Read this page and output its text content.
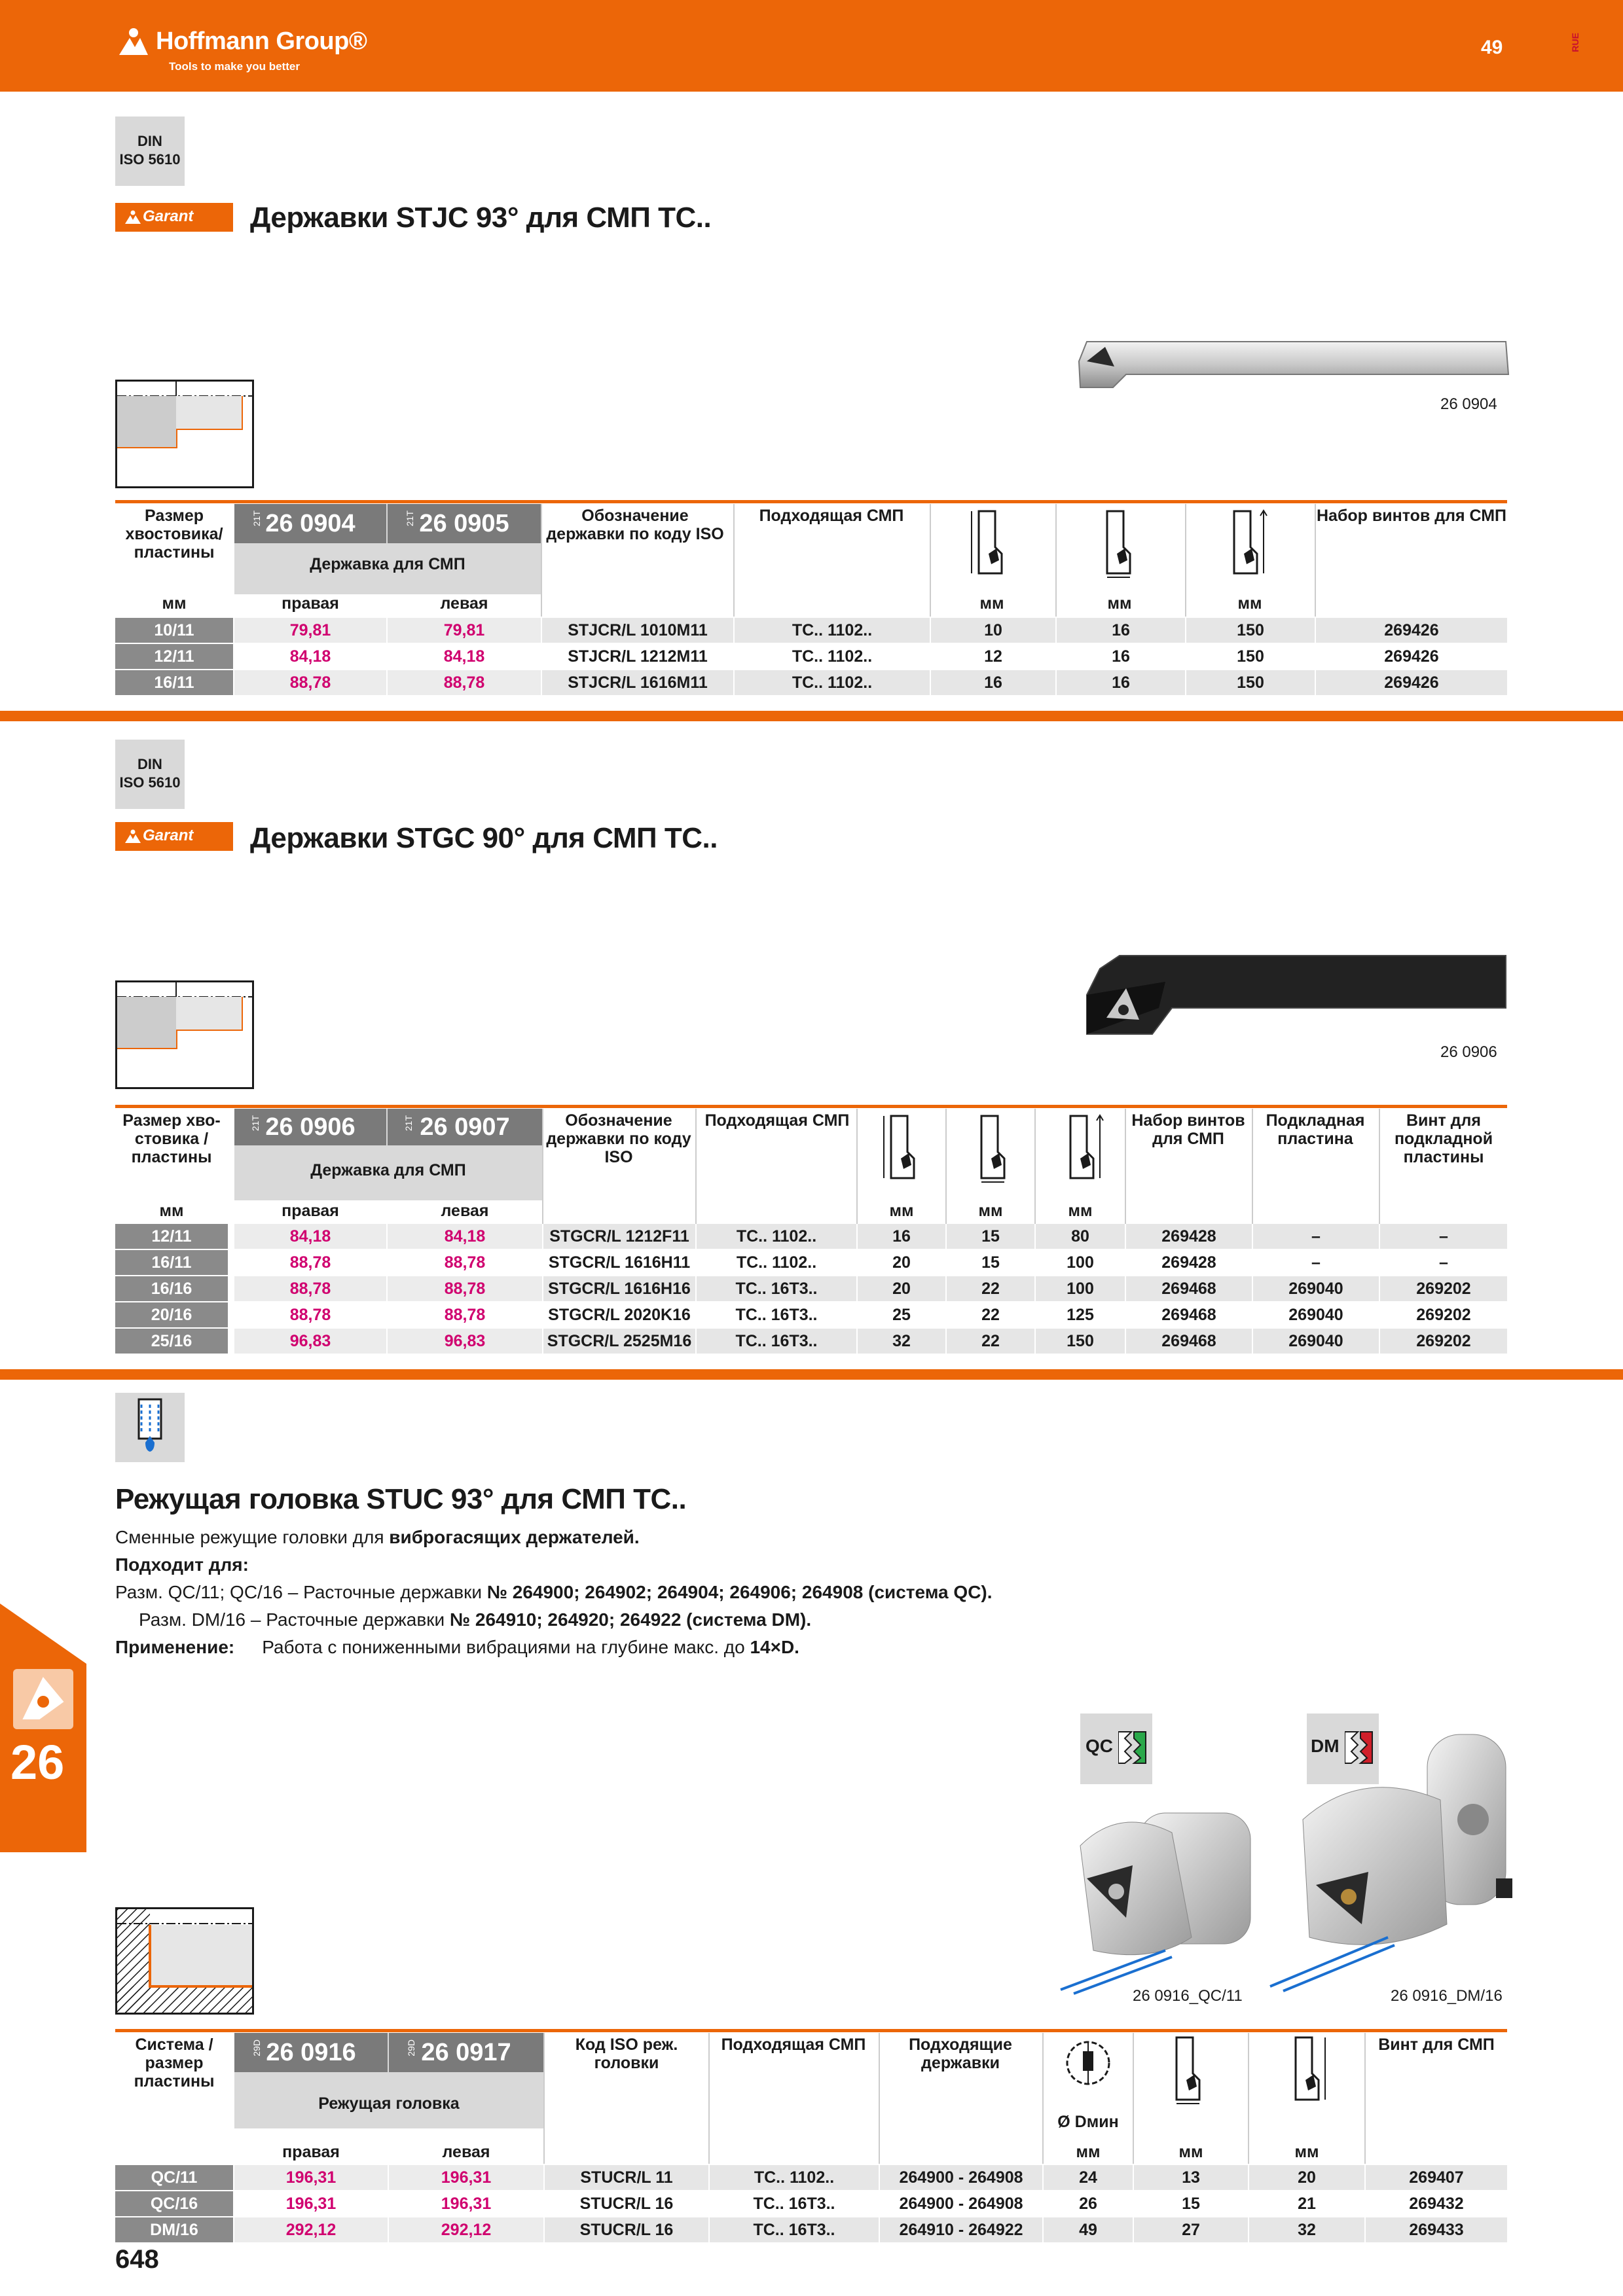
Hoffmann Group®
Tools to make you better
49	RUE
DIN
ISO 5610
Garant	Державки STJC 93° для СМП TC..
26 0904
Размер хвостовика/ пластины
21T 26 0904	21T 26 0905
Державка для СМП
Обозначение державки по коду ISO
Подходящая СМП	Набор винтов для СМП
мм	правая	левая	мм	мм	мм
10/11	79,81	79,81	STJCR/L 1010M11	TC.. 1102..	10	16	150	269426
12/11	84,18	84,18	STJCR/L 1212M11	TC.. 1102..	12	16	150	269426
16/11	88,78	88,78	STJCR/L 1616M11	TC.. 1102..	16	16	150	269426
DIN
ISO 5610
Garant	Державки STGC 90° для СМП TC..
26 0906
Размер хво- стовика / пластины
21T 26 0906	21T 26 0907
Державка для СМП
Обозначение державки по коду ISO
Подходящая СМП	Набор винтов для СМП
Подкладная пластина
Винт для подкладной пластины
мм	правая	левая	мм	мм	мм
12/11	84,18	84,18	STGCR/L 1212F11	TC.. 1102..	16	15	80	269428	–	–
16/11	88,78	88,78	STGCR/L 1616H11	TC.. 1102..	20	15	100	269428	–	–
16/16	88,78	88,78	STGCR/L 1616H16	TC.. 16T3..	20	22	100	269468	269040	269202
20/16	88,78	88,78	STGCR/L 2020K16	TC.. 16T3..	25	22	125	269468	269040	269202
25/16	96,83	96,83	STGCR/L 2525M16	TC.. 16T3..	32	22	150	269468	269040	269202
Режущая головка STUC 93° для СМП TC..
Сменные режущие головки для виброгасящих держателей.
Подходит для:
Разм. QC/11; QC/16 – Расточные державки № 264900; 264902; 264904; 264906; 264908 (система QC).
Разм. DM/16 – Расточные державки № 264910; 264920; 264922 (система DM).
Применение: Работа с пониженными вибрациями на глубине макс. до 14×D.
QC	DM
26 0916_QC/11	26 0916_DM/16
Система / размер пластины
29D 26 0916	29D 26 0917
Режущая головка
Код ISO реж. головки
Подходящая СМП	Подходящие державки
Винт для СМП
Ø Dмин
правая	левая	мм	мм	мм
QC/11	196,31	196,31	STUCR/L 11	TC.. 1102..	264900 - 264908	24	13	20	269407
QC/16	196,31	196,31	STUCR/L 16	TC.. 16T3..	264900 - 264908	26	15	21	269432
DM/16	292,12	292,12	STUCR/L 16	TC.. 16T3..	264910 - 264922	49	27	32	269433
26
648
